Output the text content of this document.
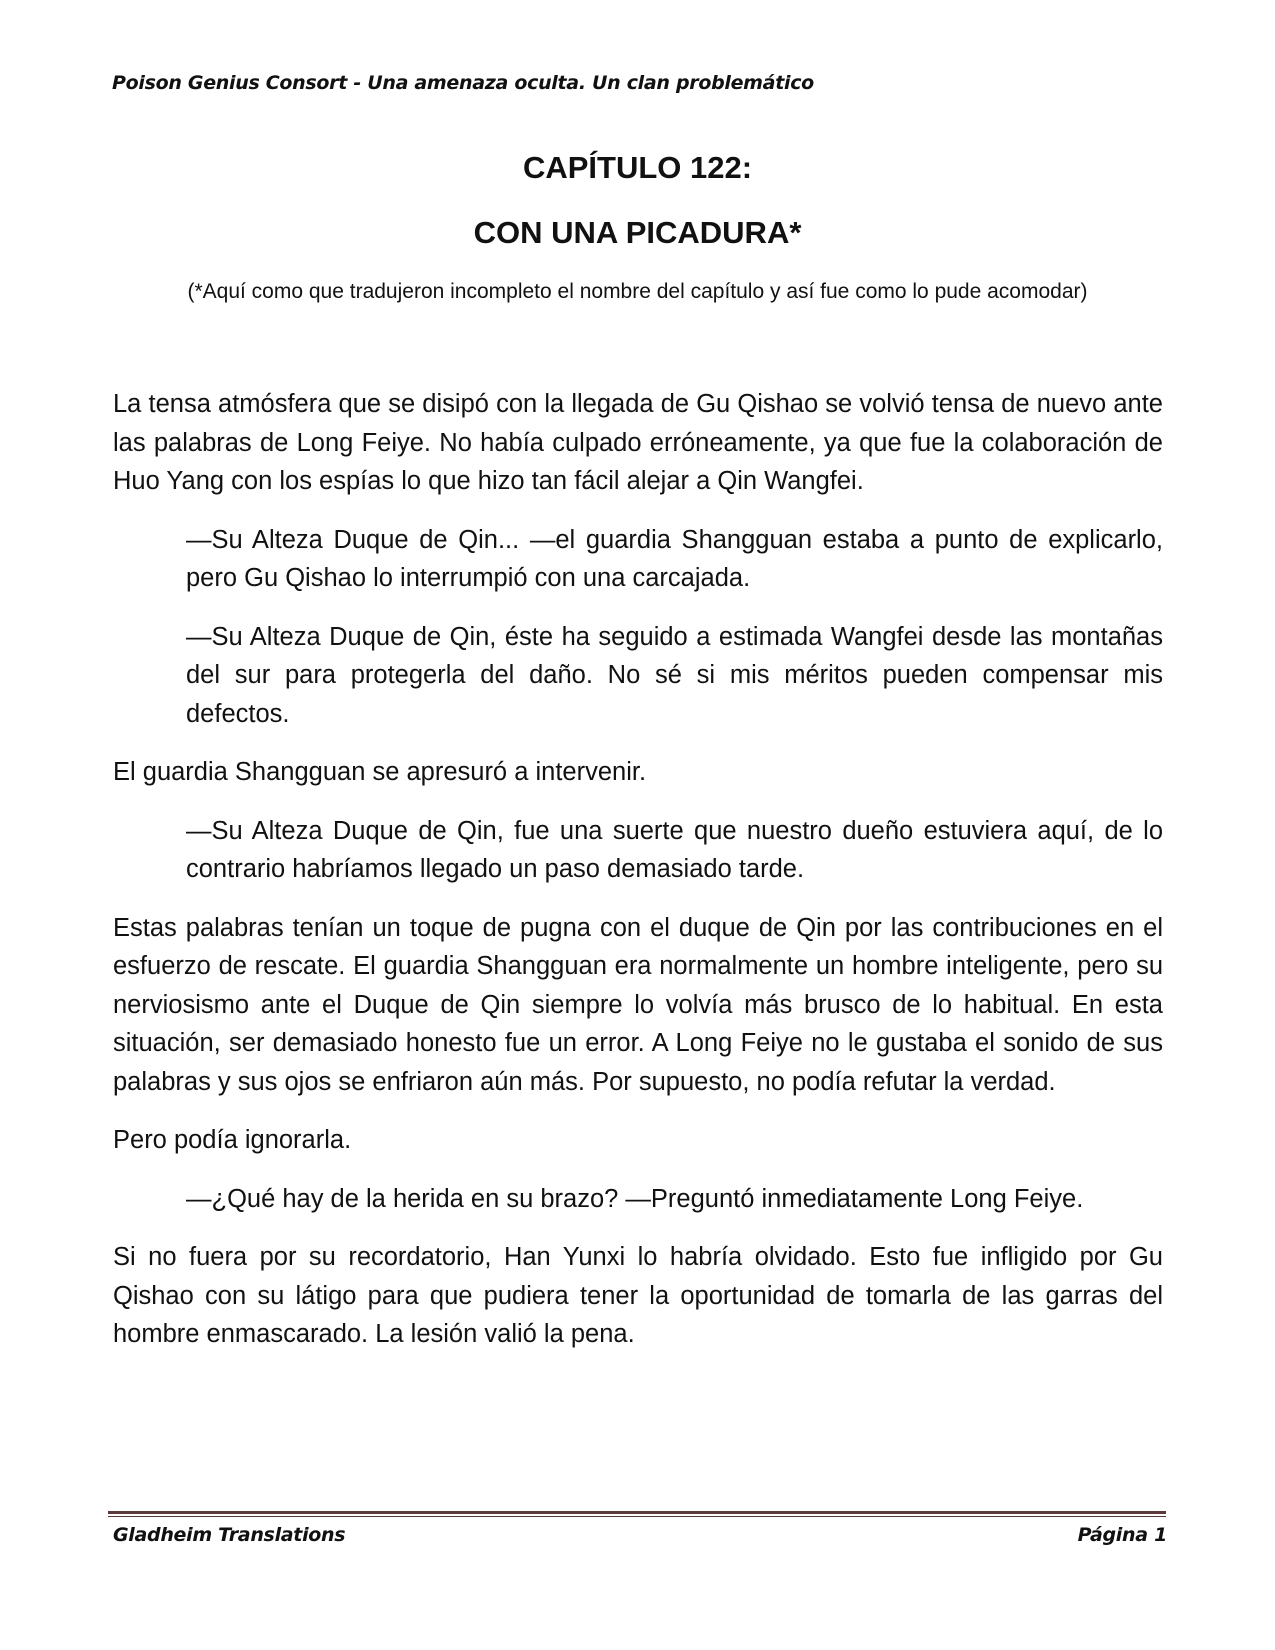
Poison Genius Consort - Una amenaza oculta. Un clan problemático
CAPÍTULO 122:
CON UNA PICADURA*
(*Aquí como que tradujeron incompleto el nombre del capítulo y así fue como lo pude acomodar)

La tensa atmósfera que se disipó con la llegada de Gu Qishao se volvió tensa de nuevo ante las palabras de Long Feiye. No había culpado erróneamente, ya que fue la colaboración de Huo Yang con los espías lo que hizo tan fácil alejar a Qin Wangfei.

—Su Alteza Duque de Qin... —el guardia Shangguan estaba a punto de explicarlo, pero Gu Qishao lo interrumpió con una carcajada.

—Su Alteza Duque de Qin, éste ha seguido a estimada Wangfei desde las montañas del sur para protegerla del daño. No sé si mis méritos pueden compensar mis defectos.

El guardia Shangguan se apresuró a intervenir.

—Su Alteza Duque de Qin, fue una suerte que nuestro dueño estuviera aquí, de lo contrario habríamos llegado un paso demasiado tarde.

Estas palabras tenían un toque de pugna con el duque de Qin por las contribuciones en el esfuerzo de rescate. El guardia Shangguan era normalmente un hombre inteligente, pero su nerviosismo ante el Duque de Qin siempre lo volvía más brusco de lo habitual. En esta situación, ser demasiado honesto fue un error. A Long Feiye no le gustaba el sonido de sus palabras y sus ojos se enfriaron aún más. Por supuesto, no podía refutar la verdad.

Pero podía ignorarla.

—¿Qué hay de la herida en su brazo? —Preguntó inmediatamente Long Feiye.

Si no fuera por su recordatorio, Han Yunxi lo habría olvidado. Esto fue infligido por Gu Qishao con su látigo para que pudiera tener la oportunidad de tomarla de las garras del hombre enmascarado. La lesión valió la pena.

Gladheim Translations	Página 1
